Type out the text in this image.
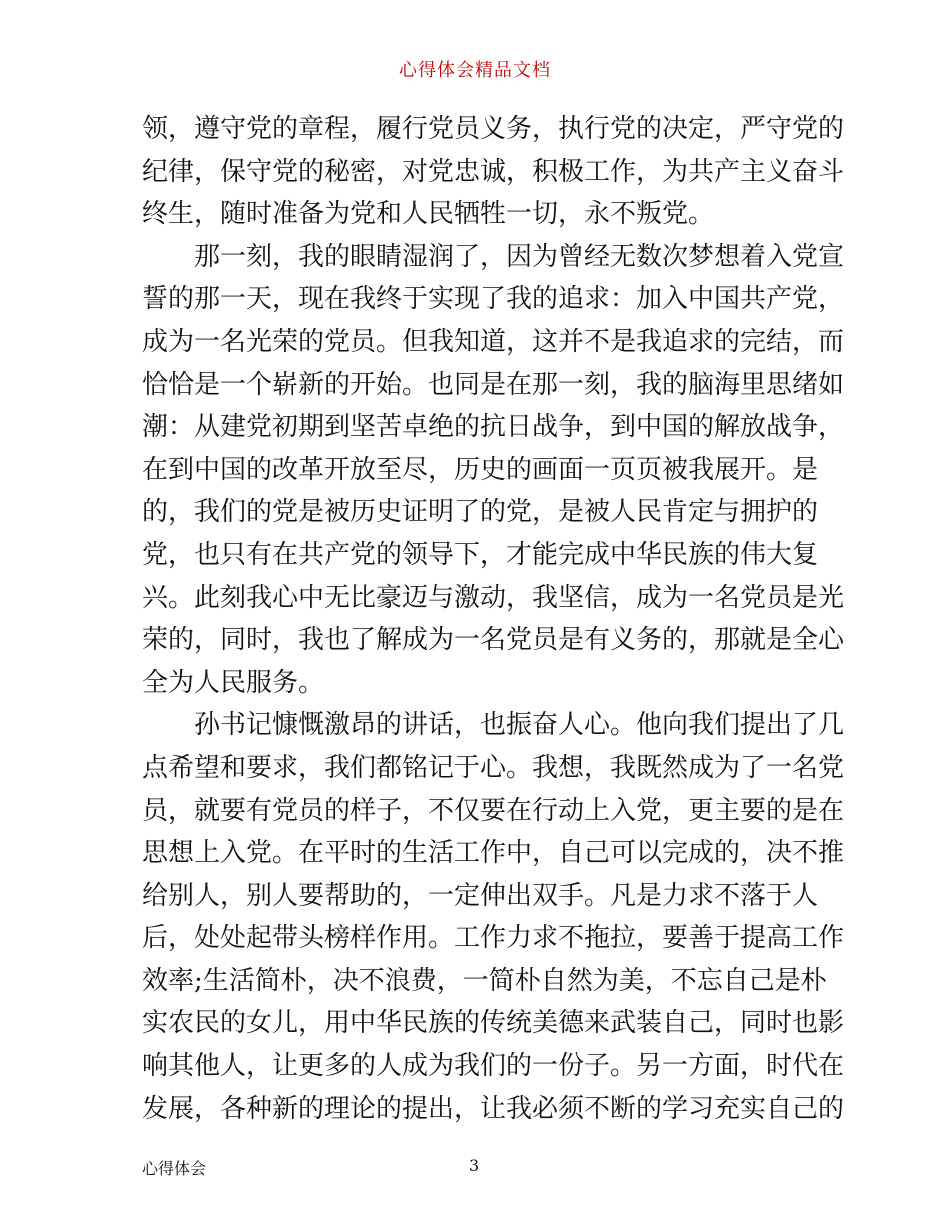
心得体会精品文档
领，遵守党的章程，履行党员义务，执行党的决定，严守党的
纪律，保守党的秘密，对党忠诚，积极工作，为共产主义奋斗
终生，随时准备为党和人民牺牲一切，永不叛党。
那一刻，我的眼睛湿润了，因为曾经无数次梦想着入党宣
誓的那一天，现在我终于实现了我的追求：加入中国共产党，
成为一名光荣的党员。但我知道，这并不是我追求的完结，而
恰恰是一个崭新的开始。也同是在那一刻，我的脑海里思绪如
潮：从建党初期到坚苦卓绝的抗日战争，到中国的解放战争，
在到中国的改革开放至尽，历史的画面一页页被我展开。是
的，我们的党是被历史证明了的党，是被人民肯定与拥护的
党，也只有在共产党的领导下，才能完成中华民族的伟大复
兴。此刻我心中无比豪迈与激动，我坚信，成为一名党员是光
荣的，同时，我也了解成为一名党员是有义务的，那就是全心
全为人民服务。
孙书记慷慨激昂的讲话，也振奋人心。他向我们提出了几
点希望和要求，我们都铭记于心。我想，我既然成为了一名党
员，就要有党员的样子，不仅要在行动上入党，更主要的是在
思想上入党。在平时的生活工作中，自己可以完成的，决不推
给别人，别人要帮助的，一定伸出双手。凡是力求不落于人
后，处处起带头榜样作用。工作力求不拖拉，要善于提高工作
效率;生活简朴，决不浪费，一简朴自然为美，不忘自己是朴
实农民的女儿，用中华民族的传统美德来武装自己，同时也影
响其他人，让更多的人成为我们的一份子。另一方面，时代在
发展，各种新的理论的提出，让我必须不断的学习充实自己的
心得体会	3
